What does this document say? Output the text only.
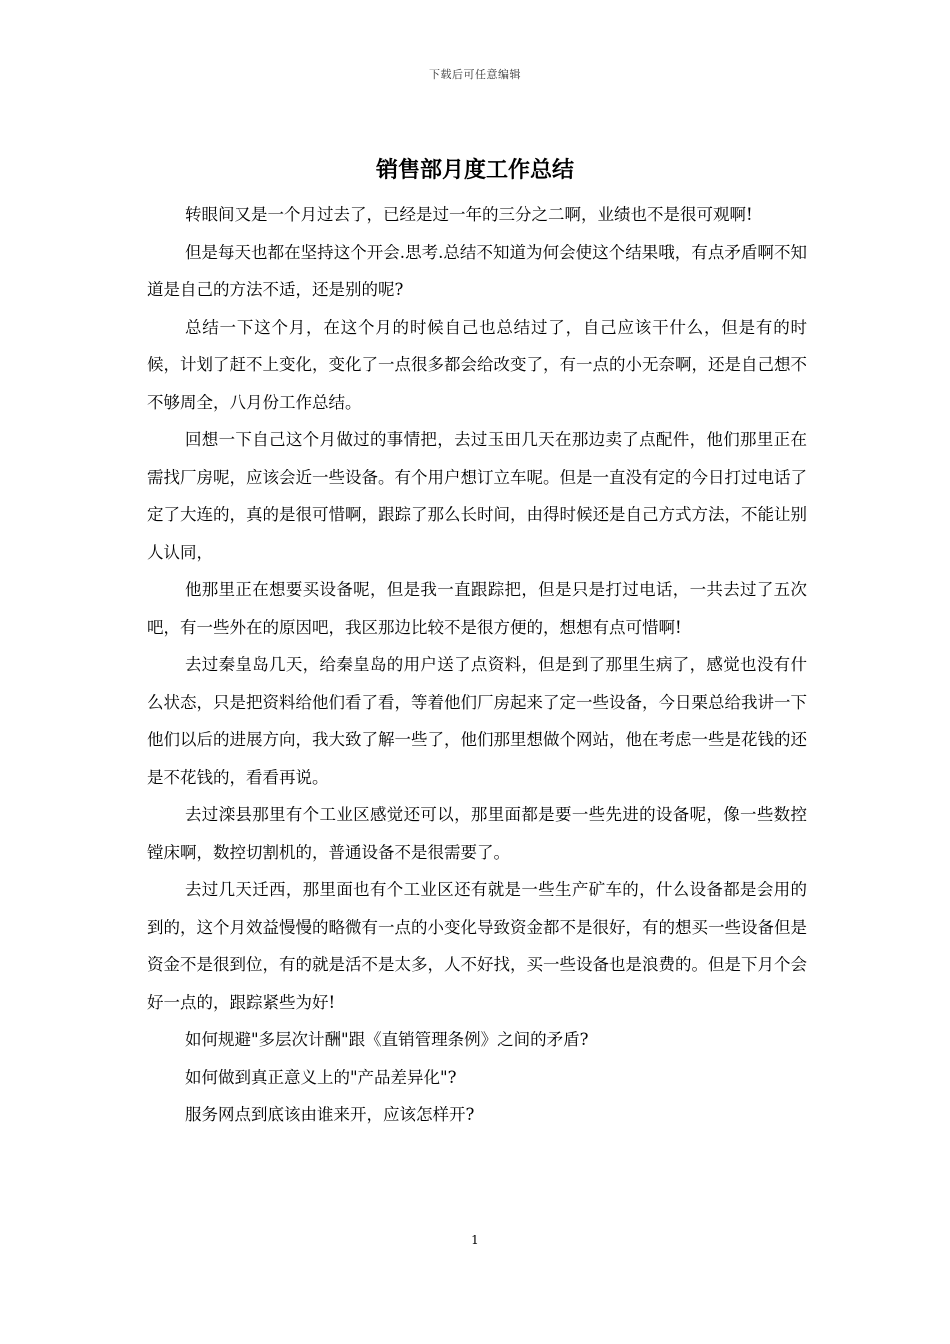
下载后可任意编辑
销售部月度工作总结

转眼间又是一个月过去了，已经是过一年的三分之二啊，业绩也不是很可观啊!

但是每天也都在坚持这个开会.思考.总结不知道为何会使这个结果哦，有点矛盾啊不知道是自己的方法不适，还是别的呢?

总结一下这个月，在这个月的时候自己也总结过了，自己应该干什么，但是有的时候，计划了赶不上变化，变化了一点很多都会给改变了，有一点的小无奈啊，还是自己想不不够周全，八月份工作总结。

回想一下自己这个月做过的事情把，去过玉田几天在那边卖了点配件，他们那里正在需找厂房呢，应该会近一些设备。有个用户想订立车呢。但是一直没有定的今日打过电话了定了大连的，真的是很可惜啊，跟踪了那么长时间，由得时候还是自己方式方法，不能让别人认同，

他那里正在想要买设备呢，但是我一直跟踪把，但是只是打过电话，一共去过了五次吧，有一些外在的原因吧，我区那边比较不是很方便的，想想有点可惜啊!

去过秦皇岛几天，给秦皇岛的用户送了点资料，但是到了那里生病了，感觉也没有什么状态，只是把资料给他们看了看，等着他们厂房起来了定一些设备，今日栗总给我讲一下他们以后的进展方向，我大致了解一些了，他们那里想做个网站，他在考虑一些是花钱的还是不花钱的，看看再说。

去过滦县那里有个工业区感觉还可以，那里面都是要一些先进的设备呢，像一些数控镗床啊，数控切割机的，普通设备不是很需要了。

去过几天迁西，那里面也有个工业区还有就是一些生产矿车的，什么设备都是会用的到的，这个月效益慢慢的略微有一点的小变化导致资金都不是很好，有的想买一些设备但是资金不是很到位，有的就是活不是太多，人不好找，买一些设备也是浪费的。但是下月个会好一点的，跟踪紧些为好!

如何规避"多层次计酬"跟《直销管理条例》之间的矛盾?

如何做到真正意义上的"产品差异化"?

服务网点到底该由谁来开，应该怎样开?

1
